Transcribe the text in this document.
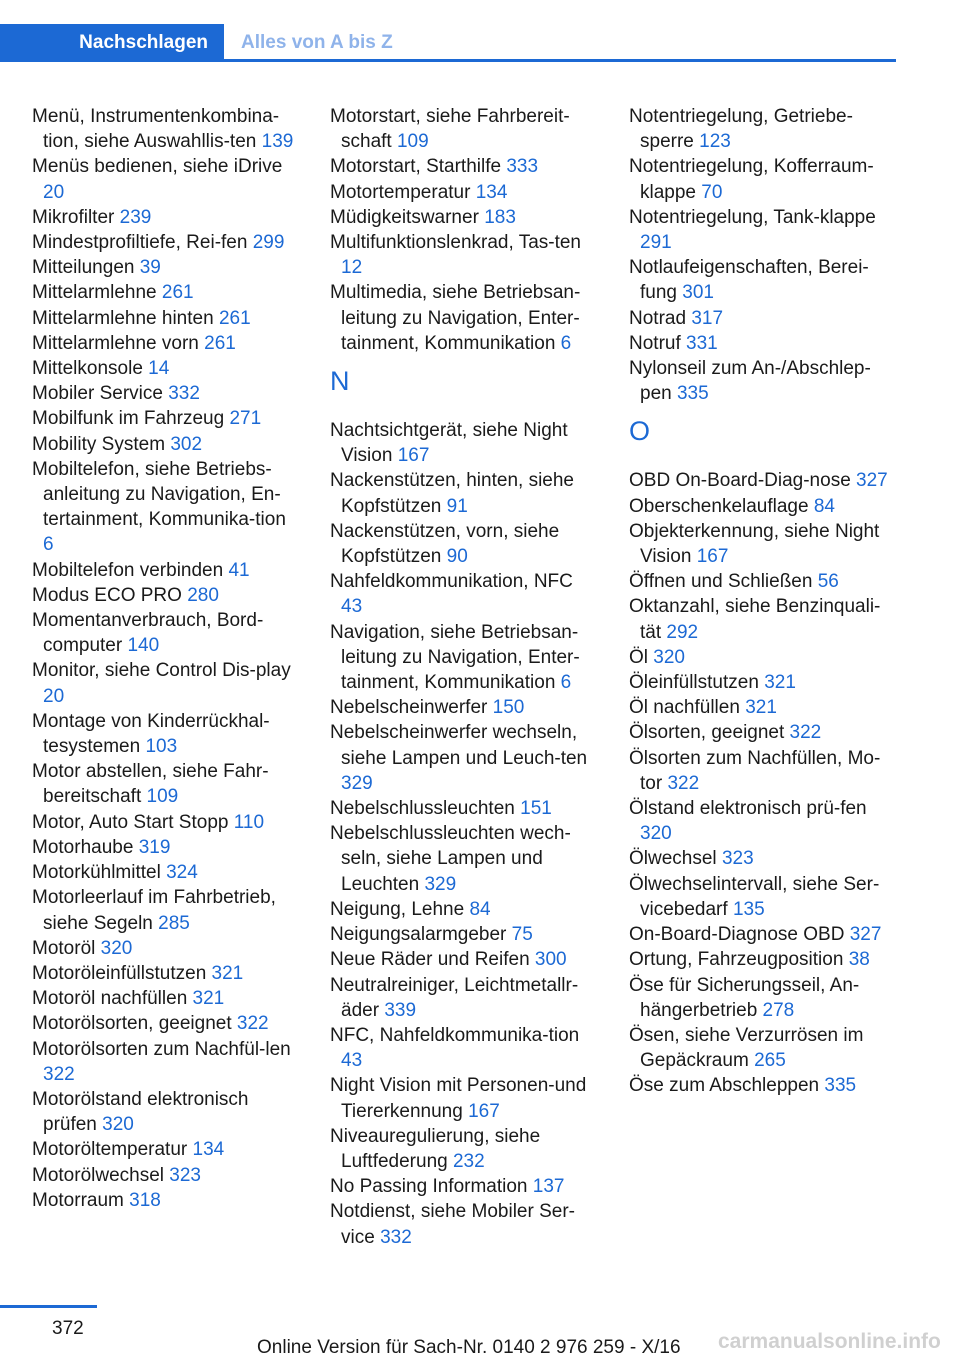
Nachschlagen	Alles von A bis Z
Menü, Instrumentenkombina-tion, siehe Auswahllis-ten 139
Menüs bedienen, siehe iDrive 20
Mikrofilter 239
Mindestprofiltiefe, Rei-fen 299
Mitteilungen 39
Mittelarmlehne 261
Mittelarmlehne hinten 261
Mittelarmlehne vorn 261
Mittelkonsole 14
Mobiler Service 332
Mobilfunk im Fahrzeug 271
Mobility System 302
Mobiltelefon, siehe Betriebs-anleitung zu Navigation, En-tertainment, Kommunika-tion 6
Mobiltelefon verbinden 41
Modus ECO PRO 280
Momentanverbrauch, Bord-computer 140
Monitor, siehe Control Dis-play 20
Montage von Kinderrückhal-tesystemen 103
Motor abstellen, siehe Fahr-bereitschaft 109
Motor, Auto Start Stopp 110
Motorhaube 319
Motorkühlmittel 324
Motorleerlauf im Fahrbetrieb, siehe Segeln 285
Motoröl 320
Motoröleinfüllstutzen 321
Motoröl nachfüllen 321
Motorölsorten, geeignet 322
Motorölsorten zum Nachfül-len 322
Motorölstand elektronisch prüfen 320
Motoröltemperatur 134
Motorölwechsel 323
Motorraum 318
Motorstart, siehe Fahrbereit-schaft 109
Motorstart, Starthilfe 333
Motortemperatur 134
Müdigkeitswarner 183
Multifunktionslenkrad, Tas-ten 12
Multimedia, siehe Betriebsan-leitung zu Navigation, Enter-tainment, Kommunikation 6
N
Nachtsichtgerät, siehe Night Vision 167
Nackenstützen, hinten, siehe Kopfstützen 91
Nackenstützen, vorn, siehe Kopfstützen 90
Nahfeldkommunikation, NFC 43
Navigation, siehe Betriebsan-leitung zu Navigation, Enter-tainment, Kommunikation 6
Nebelscheinwerfer 150
Nebelscheinwerfer wechseln, siehe Lampen und Leuch-ten 329
Nebelschlussleuchten 151
Nebelschlussleuchten wech-seln, siehe Lampen und Leuchten 329
Neigung, Lehne 84
Neigungsalarmgeber 75
Neue Räder und Reifen 300
Neutralreiniger, Leichtmetallr-äder 339
NFC, Nahfeldkommunika-tion 43
Night Vision mit Personen-und Tiererkennung 167
Niveauregulierung, siehe Luftfederung 232
No Passing Information 137
Notdienst, siehe Mobiler Ser-vice 332
Notentriegelung, Getriebe-sperre 123
Notentriegelung, Kofferraum-klappe 70
Notentriegelung, Tank-klappe 291
Notlaufeigenschaften, Berei-fung 301
Notrad 317
Notruf 331
Nylonseil zum An-/Abschlep-pen 335
O
OBD On-Board-Diag-nose 327
Oberschenkelauflage 84
Objekterkennung, siehe Night Vision 167
Öffnen und Schließen 56
Oktanzahl, siehe Benzinquali-tät 292
Öl 320
Öleinfüllstutzen 321
Öl nachfüllen 321
Ölsorten, geeignet 322
Ölsorten zum Nachfüllen, Mo-tor 322
Ölstand elektronisch prü-fen 320
Ölwechsel 323
Ölwechselintervall, siehe Ser-vicebedarf 135
On-Board-Diagnose OBD 327
Ortung, Fahrzeugposition 38
Öse für Sicherungsseil, An-hängerbetrieb 278
Ösen, siehe Verzurrösen im Gepäckraum 265
Öse zum Abschleppen 335
372
Online Version für Sach-Nr. 0140 2 976 259 - X/16 carmanualsonline.info
